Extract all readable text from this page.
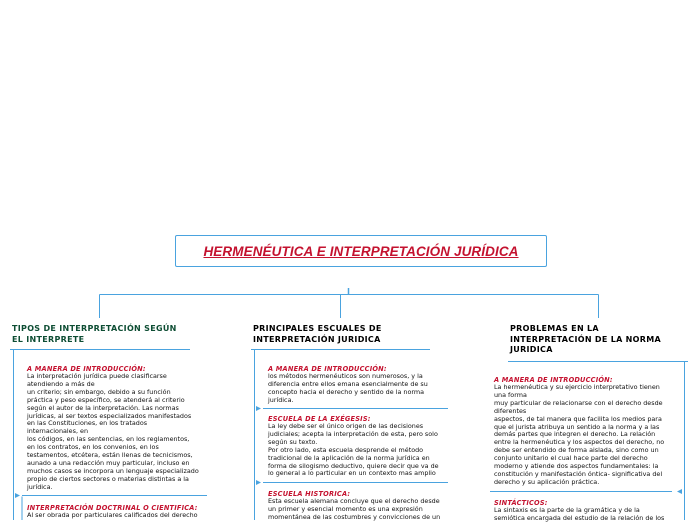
HERMENÉUTICA E INTERPRETACIÓN JURÍDICA
TIPOS DE INTERPRETACIÓN SEGÚN
EL INTERPRETE
A MANERA DE INTRODUCCIÓN:
La interpretación jurídica puede clasificarse
atendiendo a más de
un criterio; sin embargo, debido a su función
práctica y peso específico, se atenderá al criterio
según el autor de la interpretación. Las normas
jurídicas, al ser textos especializados manifestados
en las Constituciones, en los tratados
internacionales, en
los códigos, en las sentencias, en los reglamentos,
en los contratos, en los convenios, en los
testamentos, etcétera, están llenas de tecnicismos,
aunado a una redacción muy particular, incluso en
muchos casos se incorpora un lenguaje especializado
propio de ciertos sectores o materias distintas a la
jurídica.
INTERPRETACIÓN DOCTRINAL O CIENTIFICA:
Al ser obrada por particulares calificados del derecho
PRINCIPALES ESCUALES DE
INTERPRETACIÓN JURIDICA
A MANERA DE INTRODUCCIÓN:
los métodos hermenéuticos son numerosos, y la
diferencia entre ellos emana esencialmente de su
concepto hacia el derecho y sentido de la norma
jurídica.
ESCUELA DE LA EXÉGESIS:
La ley debe ser el único origen de las decisiones
judiciales; acepta la interpretación de esta, pero solo
según su texto.
Por otro lado, esta escuela desprende el método
tradicional de la aplicación de la norma jurídica en
forma de silogismo deductivo, quiere decir que va de
lo general a lo particular en un contexto mas amplio
ESCUELA HISTORICA:
Esta escuela alemana concluye que el derecho desde
un primer y esencial momento es una expresión
momentánea de las costumbres y convicciones de un
PROBLEMAS EN LA
INTERPRETACIÓN DE LA NORMA
JURIDICA
A MANERA DE INTRODUCCIÓN:
La hermenéutica y su ejercicio interpretativo tienen
una forma
muy particular de relacionarse con el derecho desde
diferentes
aspectos, de tal manera que facilita los medios para
que el jurista atribuya un sentido a la norma y a las
demás partes que integren el derecho. La relación
entre la hermenéutica y los aspectos del derecho, no
debe ser entendido de forma aislada, sino como un
conjunto unitario el cual hace parte del derecho
moderno y atiende dos aspectos fundamentales: la
constitución y manifestación óntica- significativa del
derecho y su aplicación práctica.
SINTÁCTICOS:
La sintaxis es la parte de la gramática y de la
semiótica encargada del estudio de la relación de los
